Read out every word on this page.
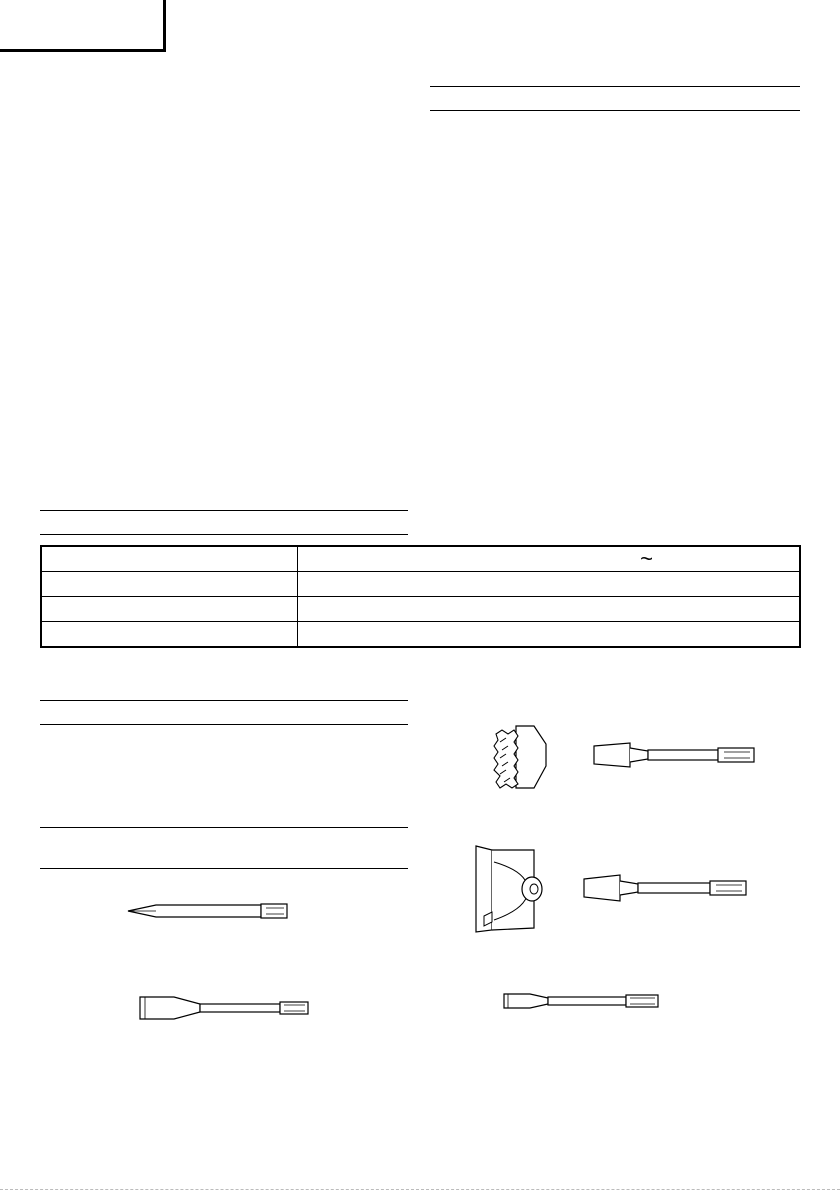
	~
